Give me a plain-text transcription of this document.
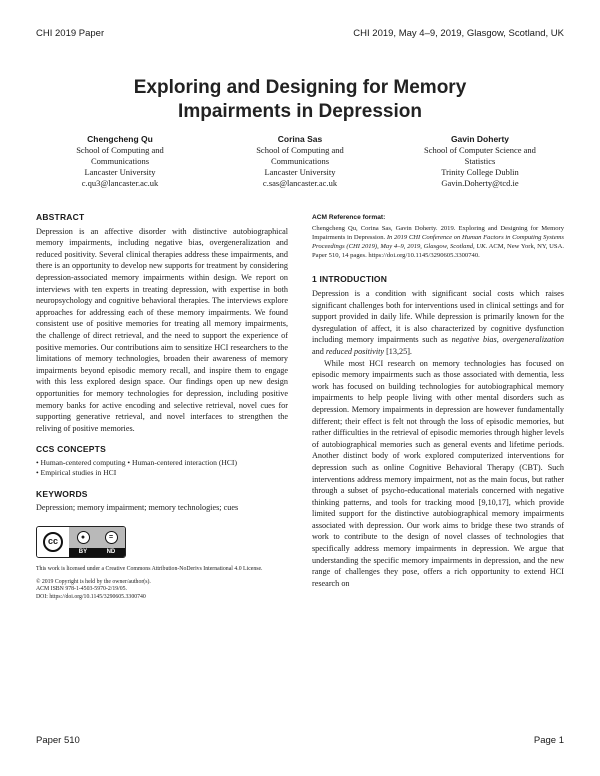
CHI 2019 Paper	CHI 2019, May 4–9, 2019, Glasgow, Scotland, UK
Exploring and Designing for Memory
Impairments in Depression
Chengcheng Qu
School of Computing and
Communications
Lancaster University
c.qu3@lancaster.ac.uk
Corina Sas
School of Computing and
Communications
Lancaster University
c.sas@lancaster.ac.uk
Gavin Doherty
School of Computer Science and
Statistics
Trinity College Dublin
Gavin.Doherty@tcd.ie
ABSTRACT

Depression is an affective disorder with distinctive autobiographical memory impairments, including negative bias, overgeneralization and reduced positivity. Several clinical therapies address these impairments, and there is an opportunity to develop new supports for treatment by considering depression-associated memory impairments within design. We report on interviews with ten experts in treating depression, with expertise in both neuropsychology and cognitive behavioral therapies. The interviews explore approaches for addressing each of these memory impairments. We found consistent use of positive memories for treating all memory impairments, the challenge of direct retrieval, and the need to support the experience of positive memories. Our contributions aim to sensitize HCI researchers to the limitations of memory technologies, broaden their awareness of memory impairments beyond episodic memory recall, and inspire them to engage with this less explored design space. Our findings open up new design opportunities for memory technologies for depression, including positive memory banks for active encoding and selective retrieval, novel cues for supporting generative retrieval, and novel interfaces to strengthen the reliving of positive memories.

CCS CONCEPTS
• Human-centered computing • Human-centered interaction (HCI)
• Empirical studies in HCI
KEYWORDS
Depression; memory impairment; memory technologies; cues
cc	●	=
BY	ND
This work is licensed under a Creative Commons Attribution-NoDerivs International 4.0 License.
© 2019 Copyright is held by the owner/author(s).
ACM ISBN 978-1-4503-5970-2/19/05.
DOI: https://doi.org/10.1145/3290605.3300740
ACM Reference format:
Chengcheng Qu, Corina Sas, Gavin Doherty. 2019. Exploring and Designing for Memory Impairments in Depression. In 2019 CHI Conference on Human Factors in Computing Systems Proceedings (CHI 2019), May 4–9, 2019, Glasgow, Scotland, UK. ACM, New York, NY, USA. Paper 510, 14 pages. https://doi.org/10.1145/3290605.3300740.
1 INTRODUCTION

Depression is a condition with significant social costs which raises significant challenges both for interventions used in clinical settings and for support provided in daily life. While depression is primarily known for the dysregulation of affect, it is also characterized by cognitive dysfunction including memory impairments such as negative bias, overgeneralization and reduced positivity [13,25].

While most HCI research on memory technologies has focused on episodic memory impairments such as those associated with dementia, less work has focused on building technologies for autobiographical memory impairments to help people living with other mental disorders such as depression. Memory impairments in depression are however fundamentally different; their effect is felt not through the loss of episodic memories, but rather difficulties in the retrieval of episodic memories through higher levels of autobiographical memories such as general events and lifetime periods. Another distinct body of work explored computerized interventions for depression such as online Cognitive Behavioral Therapy (CBT). Such interventions address memory impairment, not as the main focus, but rather through a subset of psycho-educational materials concerned with negative thinking patterns, and tools for tracking mood [9,10,17], which provide limited support for the distinctive autobiographical memory impairments associated with depression. Our work aims to bridge these two strands of work to contribute to the design of novel classes of technologies that specifically address memory impairments in depression. We argue that understanding the specific memory impairments in depression, and the new range of challenges they pose, offers a rich opportunity to extend HCI research on

Paper 510	Page 1
